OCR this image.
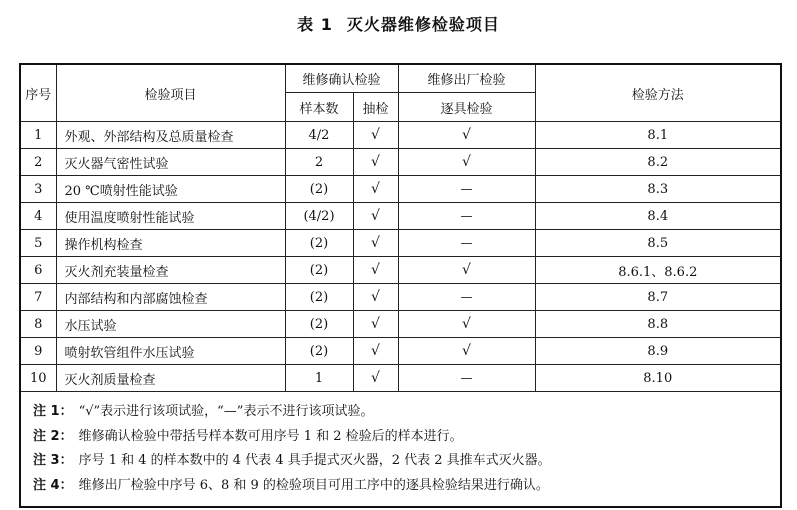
表 1 灭火器维修检验项目
序号	检验项目	维修确认检验		维修出厂检验	检验方法
		样本数	抽检	逐具检验	
1	外观、外部结构及总质量检查	4/2	√	√	8.1
2	灭火器气密性试验	2	√	√	8.2
3	20 ℃喷射性能试验	(2)	√	—	8.3
4	使用温度喷射性能试验	(4/2)	√	—	8.4
5	操作机构检查	(2)	√	—	8.5
6	灭火剂充装量检查	(2)	√	√	8.6.1、8.6.2
7	内部结构和内部腐蚀检查	(2)	√	—	8.7
8	水压试验	(2)	√	√	8.8
9	喷射软管组件水压试验	(2)	√	√	8.9
10	灭火剂质量检查	1	√	—	8.10

注 1： “√”表示进行该项试验，“—”表示不进行该项试验。
注 2： 维修确认检验中带括号样本数可用序号 1 和 2 检验后的样本进行。
注 3： 序号 1 和 4 的样本数中的 4 代表 4 具手提式灭火器，2 代表 2 具推车式灭火器。
注 4： 维修出厂检验中序号 6、8 和 9 的检验项目可用工序中的逐具检验结果进行确认。					
